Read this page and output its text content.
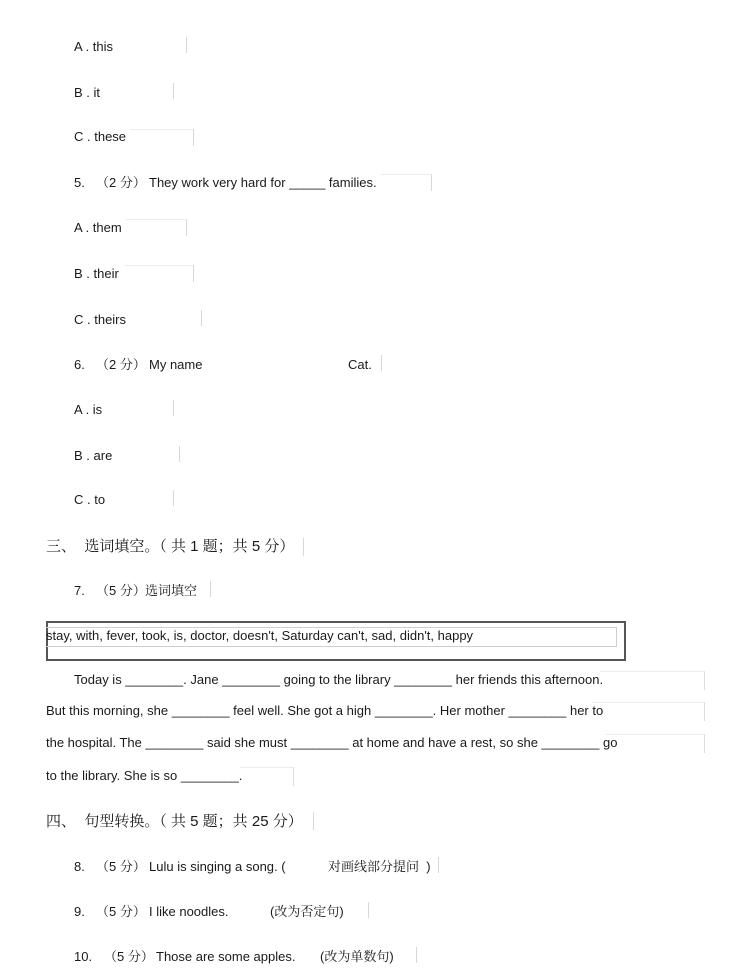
A . this
B . it
C . these
5. （2 分） They work very hard for _____ families.
A . them
B . their
C . theirs
6. （2 分） My name	Cat.
A . is
B . are
C . to
三、  选词填空。（ 共 1 题；共 5 分）
7. （5 分） 选词填空
stay, with, fever, took, is, doctor, doesn't, Saturday can't, sad, didn't, happy
Today is ________. Jane ________ going to the library ________ her friends this afternoon.
But this morning, she ________ feel well. She got a high ________. Her mother ________ her to
the hospital. The ________ said she must ________ at home and have a rest, so she ________ go
to the library. She is so ________.
四、  句型转换。（ 共 5 题；共 25 分）
8. （5 分） Lulu is singing a song. (	对画线部分提问  )
9. （5 分） I like noodles.	(改为否定句)
10. （5 分） Those are some apples. (改为单数句)
